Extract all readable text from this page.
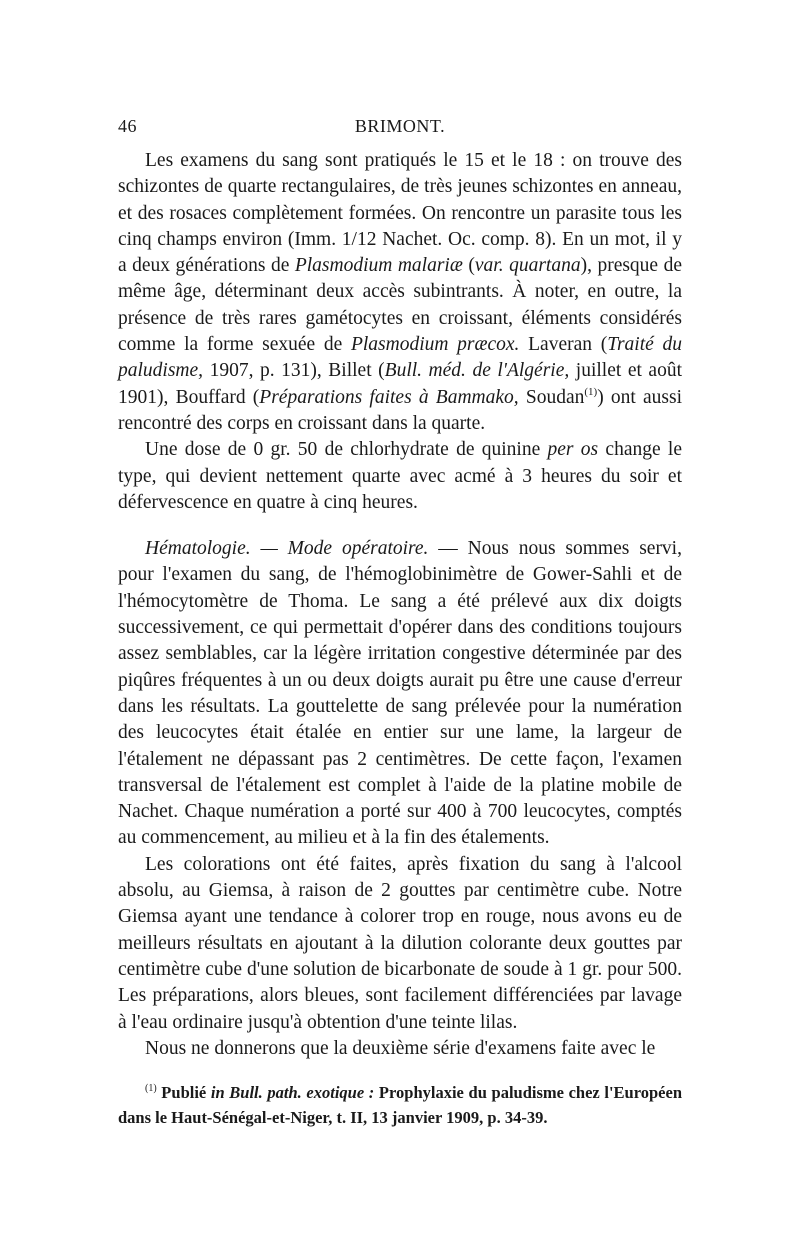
46	BRIMONT.

Les examens du sang sont pratiqués le 15 et le 18 : on trouve des schizontes de quarte rectangulaires, de très jeunes schizontes en anneau, et des rosaces complètement formées. On rencontre un parasite tous les cinq champs environ (Imm. 1/12 Nachet. Oc. comp. 8). En un mot, il y a deux générations de Plasmodium malariæ (var. quartana), presque de même âge, déterminant deux accès subintrants. À noter, en outre, la présence de très rares gamétocytes en croissant, éléments considérés comme la forme sexuée de Plasmodium præcox. Laveran (Traité du paludisme, 1907, p. 131), Billet (Bull. méd. de l'Algérie, juillet et août 1901), Bouffard (Préparations faites à Bammako, Soudan$^{(1)}$) ont aussi rencontré des corps en croissant dans la quarte.

Une dose de 0 gr. 50 de chlorhydrate de quinine per os change le type, qui devient nettement quarte avec acmé à 3 heures du soir et défervescence en quatre à cinq heures.

Hématologie. — Mode opératoire. — Nous nous sommes servi, pour l'examen du sang, de l'hémoglobinimètre de Gower-Sahli et de l'hémocytomètre de Thoma. Le sang a été prélevé aux dix doigts successivement, ce qui permettait d'opérer dans des conditions toujours assez semblables, car la légère irritation congestive déterminée par des piqûres fréquentes à un ou deux doigts aurait pu être une cause d'erreur dans les résultats. La gouttelette de sang prélevée pour la numération des leucocytes était étalée en entier sur une lame, la largeur de l'étalement ne dépassant pas 2 centimètres. De cette façon, l'examen transversal de l'étalement est complet à l'aide de la platine mobile de Nachet. Chaque numération a porté sur 400 à 700 leucocytes, comptés au commencement, au milieu et à la fin des étalements.

Les colorations ont été faites, après fixation du sang à l'alcool absolu, au Giemsa, à raison de 2 gouttes par centimètre cube. Notre Giemsa ayant une tendance à colorer trop en rouge, nous avons eu de meilleurs résultats en ajoutant à la dilution colorante deux gouttes par centimètre cube d'une solution de bicarbonate de soude à 1 gr. pour 500. Les préparations, alors bleues, sont facilement différenciées par lavage à l'eau ordinaire jusqu'à obtention d'une teinte lilas.

Nous ne donnerons que la deuxième série d'examens faite avec le

$^{(1)}$ Publié in Bull. path. exotique : Prophylaxie du paludisme chez l'Européen dans le Haut-Sénégal-et-Niger, t. II, 13 janvier 1909, p. 34-39.
